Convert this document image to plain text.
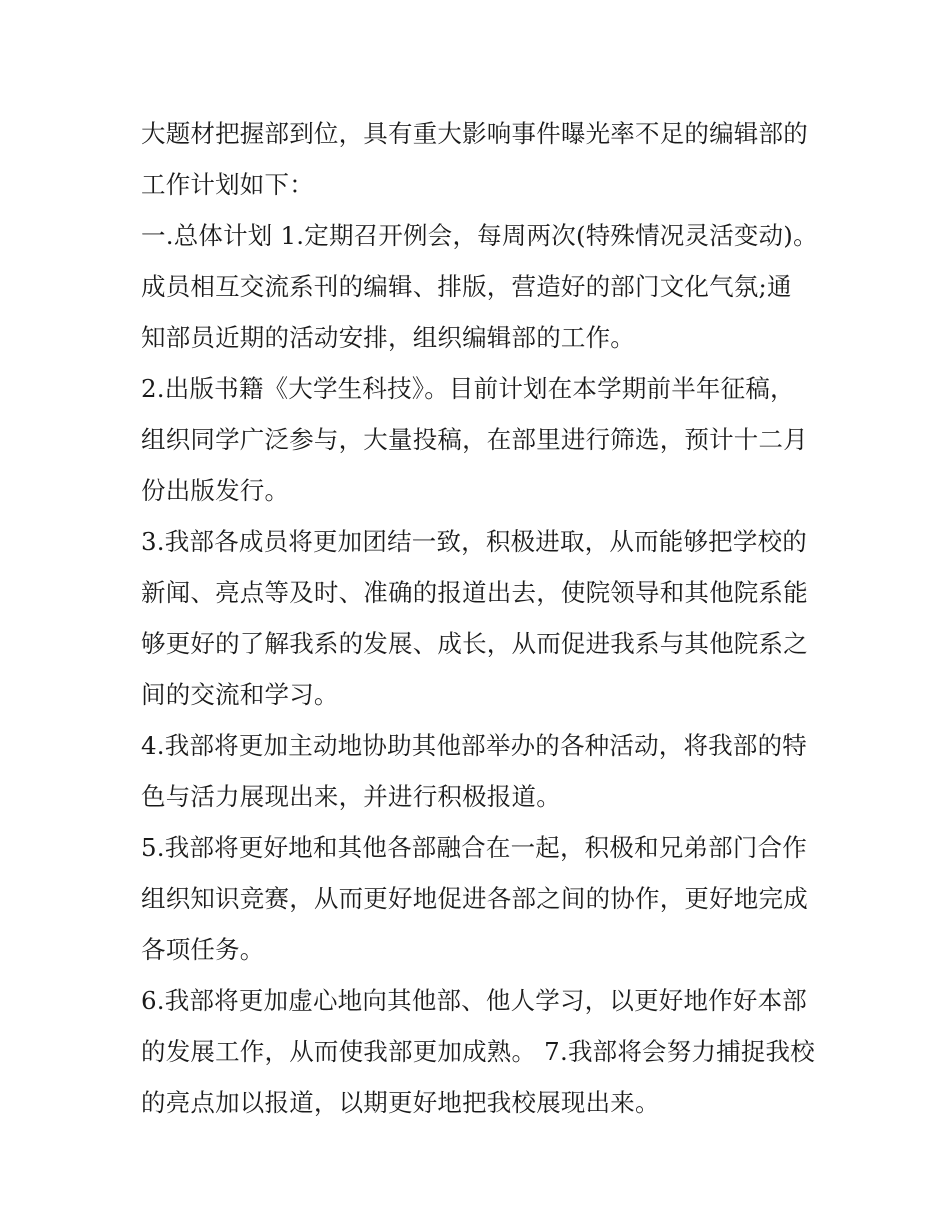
大题材把握部到位，具有重大影响事件曝光率不足的编辑部的
工作计划如下：
一.总体计划 1.定期召开例会，每周两次(特殊情况灵活变动)。
成员相互交流系刊的编辑、排版，营造好的部门文化气氛;通
知部员近期的活动安排，组织编辑部的工作。
2.出版书籍《大学生科技》。目前计划在本学期前半年征稿，
组织同学广泛参与，大量投稿，在部里进行筛选，预计十二月
份出版发行。
3.我部各成员将更加团结一致，积极进取，从而能够把学校的
新闻、亮点等及时、准确的报道出去，使院领导和其他院系能
够更好的了解我系的发展、成长，从而促进我系与其他院系之
间的交流和学习。
4.我部将更加主动地协助其他部举办的各种活动，将我部的特
色与活力展现出来，并进行积极报道。
5.我部将更好地和其他各部融合在一起，积极和兄弟部门合作
组织知识竞赛，从而更好地促进各部之间的协作，更好地完成
各项任务。
6.我部将更加虚心地向其他部、他人学习，以更好地作好本部
的发展工作，从而使我部更加成熟。 7.我部将会努力捕捉我校
的亮点加以报道，以期更好地把我校展现出来。
